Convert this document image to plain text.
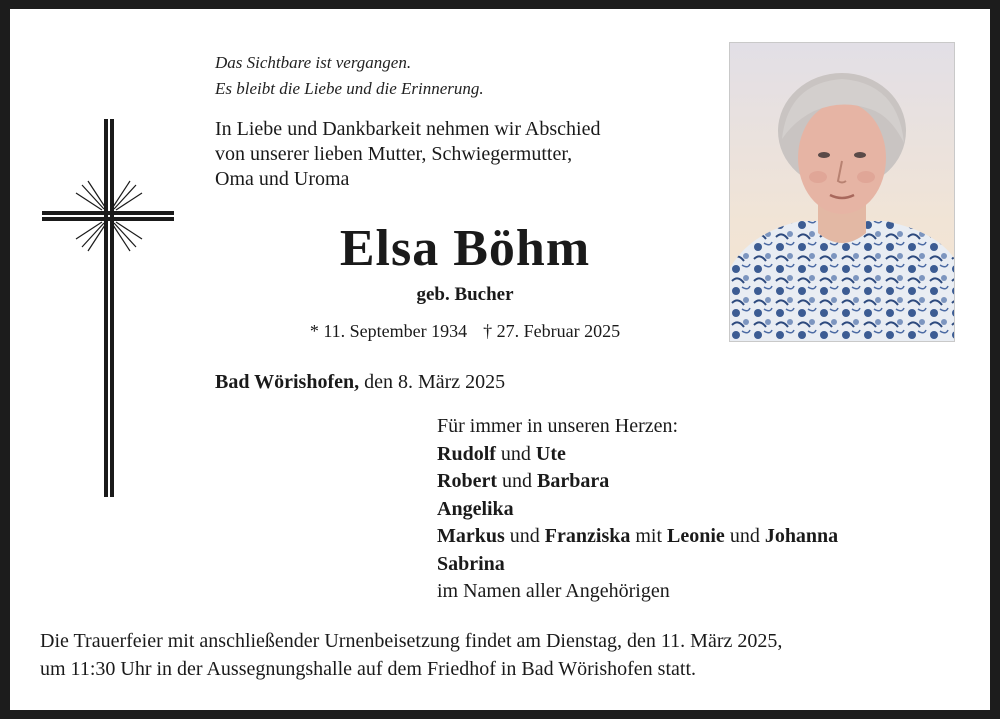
Das Sichtbare ist vergangen.
Es bleibt die Liebe und die Erinnerung.
In Liebe und Dankbarkeit nehmen wir Abschied
von unserer lieben Mutter, Schwiegermutter,
Oma und Uroma
Elsa Böhm
geb. Bucher
* 11. September 1934 † 27. Februar 2025
Bad Wörishofen, den 8. März 2025
Für immer in unseren Herzen:
Rudolf und Ute
Robert und Barbara
Angelika
Markus und Franziska mit Leonie und Johanna
Sabrina
im Namen aller Angehörigen
Die Trauerfeier mit anschließender Urnenbeisetzung findet am Dienstag, den 11. März 2025,
um 11:30 Uhr in der Aussegnungshalle auf dem Friedhof in Bad Wörishofen statt.
